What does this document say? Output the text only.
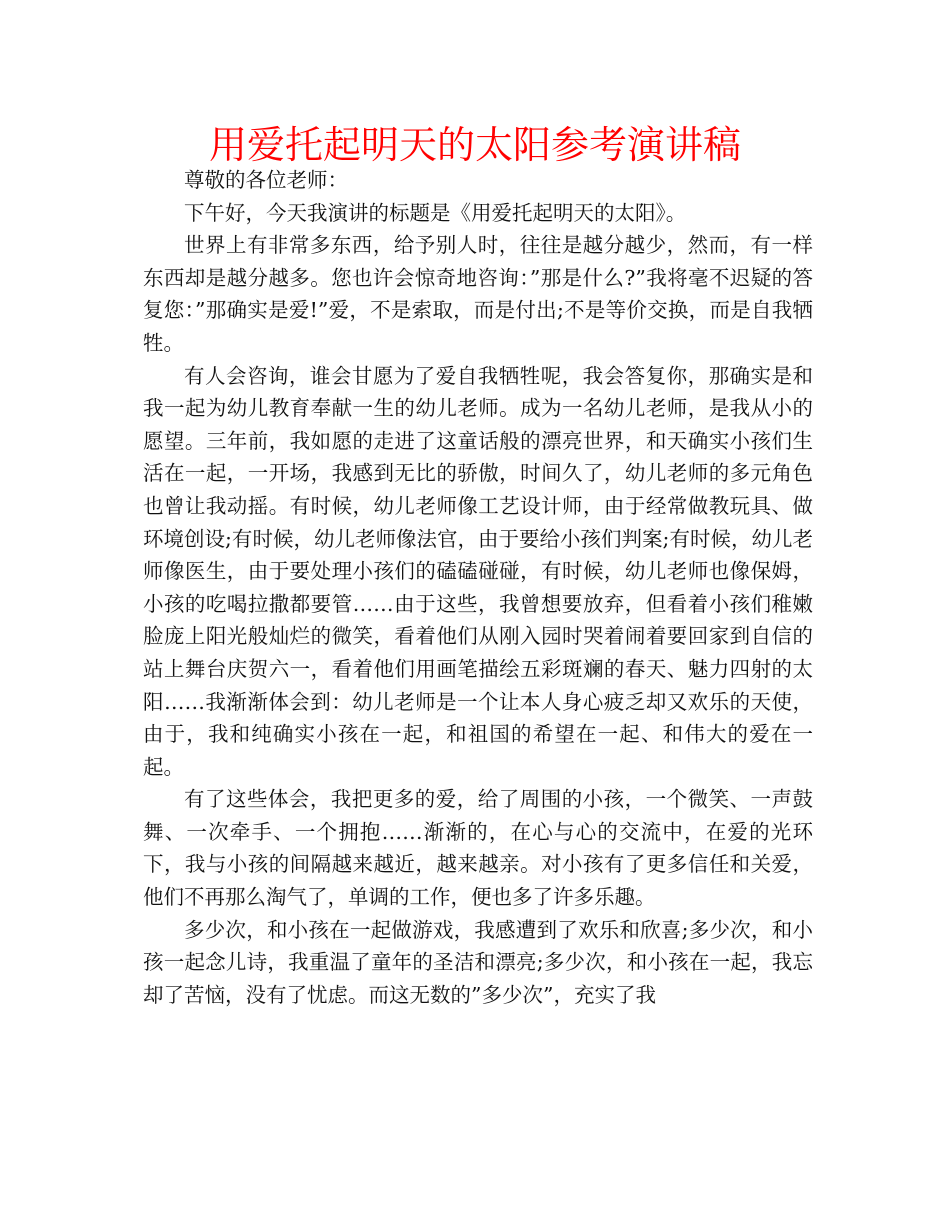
用爱托起明天的太阳参考演讲稿

尊敬的各位老师：

下午好，今天我演讲的标题是《用爱托起明天的太阳》。

世界上有非常多东西，给予别人时，往往是越分越少，然而，有一样东西却是越分越多。您也许会惊奇地咨询：”那是什么?”我将毫不迟疑的答复您：”那确实是爱!”爱，不是索取，而是付出;不是等价交换，而是自我牺牲。

有人会咨询，谁会甘愿为了爱自我牺牲呢，我会答复你，那确实是和我一起为幼儿教育奉献一生的幼儿老师。成为一名幼儿老师，是我从小的愿望。三年前，我如愿的走进了这童话般的漂亮世界，和天确实小孩们生活在一起，一开场，我感到无比的骄傲，时间久了，幼儿老师的多元角色也曾让我动摇。有时候，幼儿老师像工艺设计师，由于经常做教玩具、做环境创设;有时候，幼儿老师像法官，由于要给小孩们判案;有时候，幼儿老师像医生，由于要处理小孩们的磕磕碰碰，有时候，幼儿老师也像保姆，小孩的吃喝拉撒都要管……由于这些，我曾想要放弃，但看着小孩们稚嫩脸庞上阳光般灿烂的微笑，看着他们从刚入园时哭着闹着要回家到自信的站上舞台庆贺六一，看着他们用画笔描绘五彩斑斓的春天、魅力四射的太阳……我渐渐体会到：幼儿老师是一个让本人身心疲乏却又欢乐的天使，由于，我和纯确实小孩在一起，和祖国的希望在一起、和伟大的爱在一起。

有了这些体会，我把更多的爱，给了周围的小孩，一个微笑、一声鼓舞、一次牵手、一个拥抱……渐渐的，在心与心的交流中，在爱的光环下，我与小孩的间隔越来越近，越来越亲。对小孩有了更多信任和关爱，他们不再那么淘气了，单调的工作，便也多了许多乐趣。

多少次，和小孩在一起做游戏，我感遭到了欢乐和欣喜;多少次，和小孩一起念儿诗，我重温了童年的圣洁和漂亮;多少次，和小孩在一起，我忘却了苦恼，没有了忧虑。而这无数的”多少次”，充实了我
